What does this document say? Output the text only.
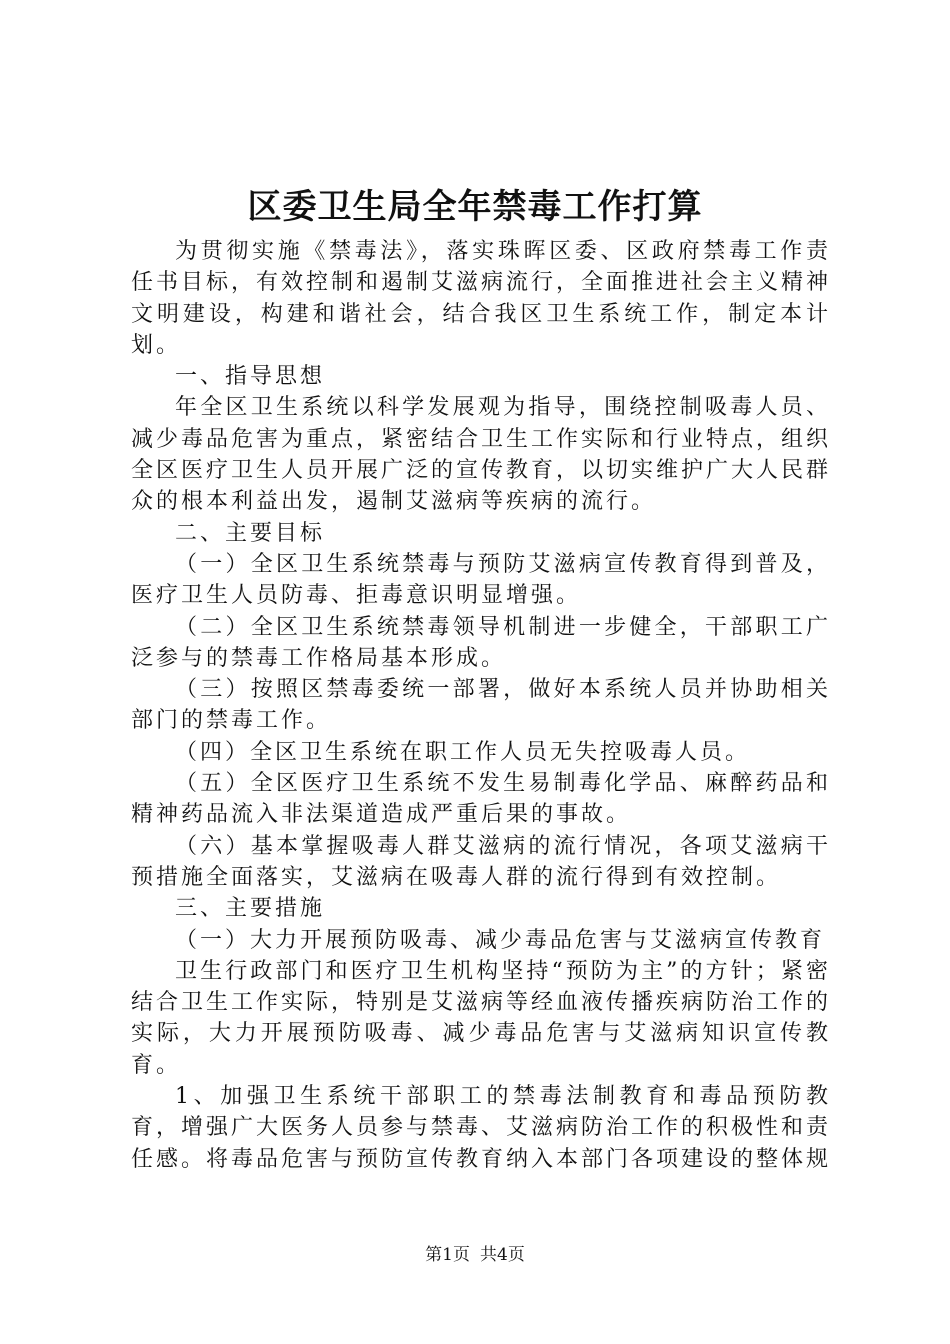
区委卫生局全年禁毒工作打算

为贯彻实施《禁毒法》，落实珠晖区委、区政府禁毒工作责任书目标，有效控制和遏制艾滋病流行，全面推进社会主义精神文明建设，构建和谐社会，结合我区卫生系统工作，制定本计划。

一、指导思想

年全区卫生系统以科学发展观为指导，围绕控制吸毒人员、减少毒品危害为重点，紧密结合卫生工作实际和行业特点，组织全区医疗卫生人员开展广泛的宣传教育，以切实维护广大人民群众的根本利益出发，遏制艾滋病等疾病的流行。

二、主要目标

（一）全区卫生系统禁毒与预防艾滋病宣传教育得到普及，医疗卫生人员防毒、拒毒意识明显增强。

（二）全区卫生系统禁毒领导机制进一步健全，干部职工广泛参与的禁毒工作格局基本形成。

（三）按照区禁毒委统一部署，做好本系统人员并协助相关部门的禁毒工作。

（四）全区卫生系统在职工作人员无失控吸毒人员。

（五）全区医疗卫生系统不发生易制毒化学品、麻醉药品和精神药品流入非法渠道造成严重后果的事故。

（六）基本掌握吸毒人群艾滋病的流行情况，各项艾滋病干预措施全面落实，艾滋病在吸毒人群的流行得到有效控制。

三、主要措施

（一）大力开展预防吸毒、减少毒品危害与艾滋病宣传教育

卫生行政部门和医疗卫生机构坚持“预防为主”的方针；紧密结合卫生工作实际，特别是艾滋病等经血液传播疾病防治工作的实际，大力开展预防吸毒、减少毒品危害与艾滋病知识宣传教育。

1、加强卫生系统干部职工的禁毒法制教育和毒品预防教育，增强广大医务人员参与禁毒、艾滋病防治工作的积极性和责任感。将毒品危害与预防宣传教育纳入本部门各项建设的整体规

第1页 共4页
